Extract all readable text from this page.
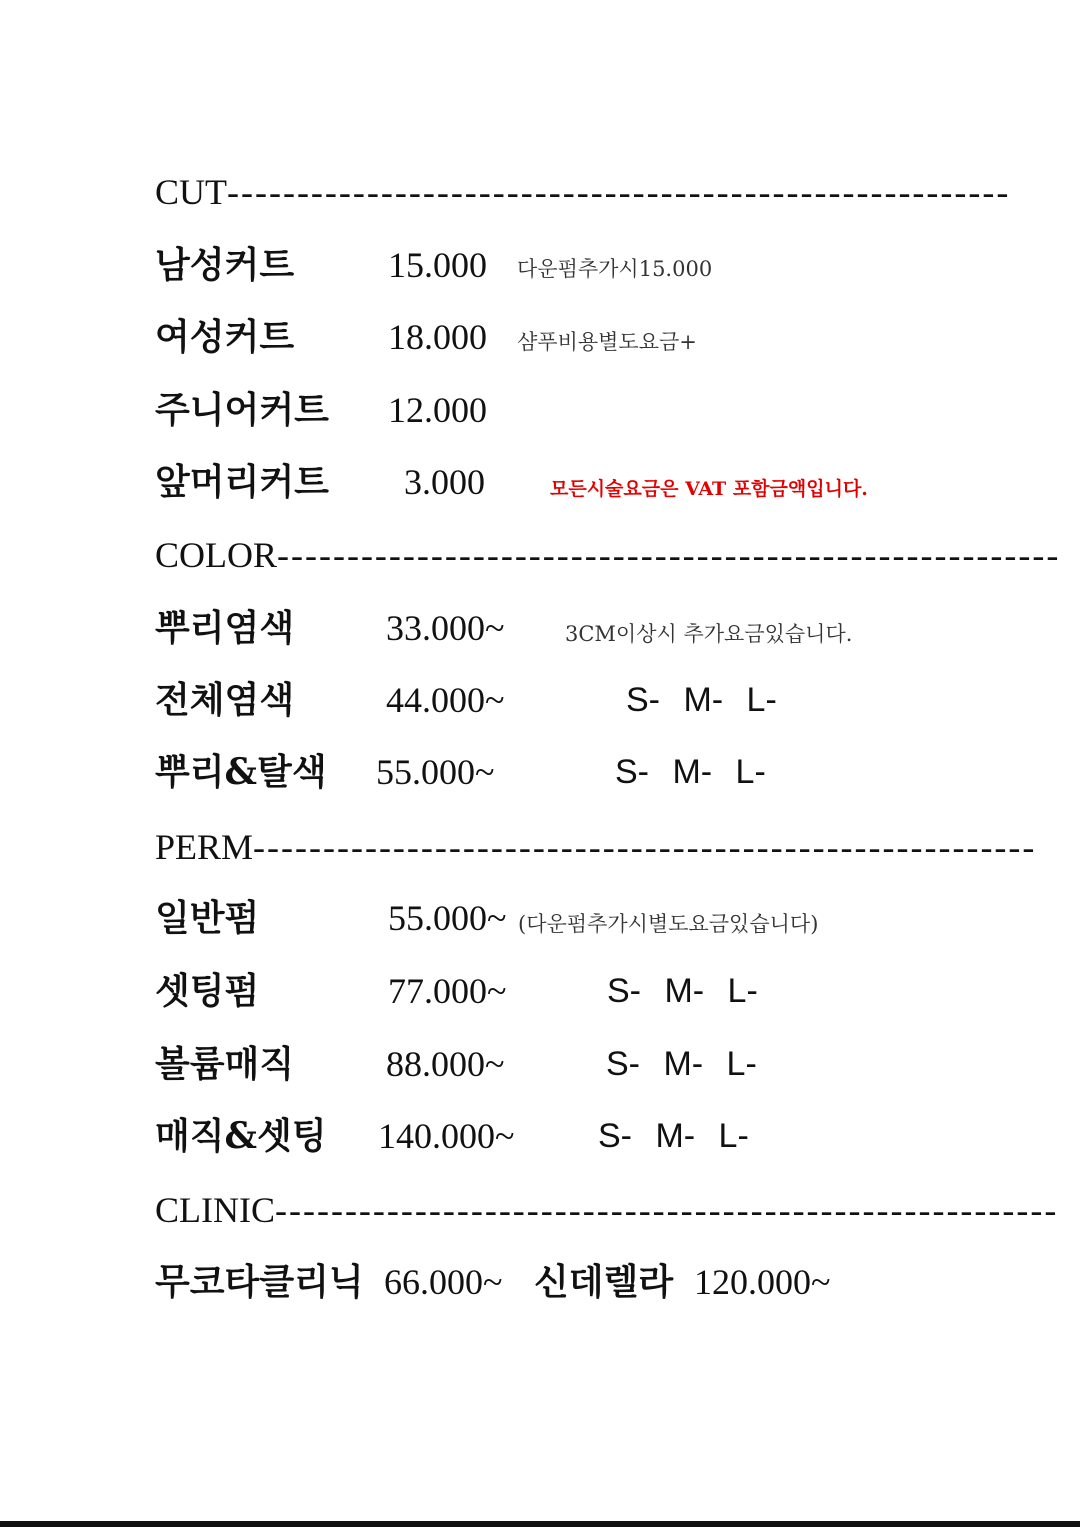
CUT--------------------------------------------------------
남성커트	15.000 다운펌추가시15.000
여성커트	18.000 샴푸비용별도요금+
주니어커트 12.000
앞머리커트 3.000	모든시술요금은 VAT 포함금액입니다.
COLOR--------------------------------------------------------
뿌리염색	33.000~	3CM이상시 추가요금있습니다.
전체염색	44.000~	S- M- L-
뿌리&탈색 55.000~	S- M- L-
PERM--------------------------------------------------------
일반펌	55.000~ (다운펌추가시별도요금있습니다)
셋팅펌	77.000~	S- M- L-
볼륨매직	88.000~	S- M- L-
매직&셋팅 140.000~ S- M- L-
CLINIC--------------------------------------------------------
무코타클리닉 66.000~ 신데렐라 120.000~
